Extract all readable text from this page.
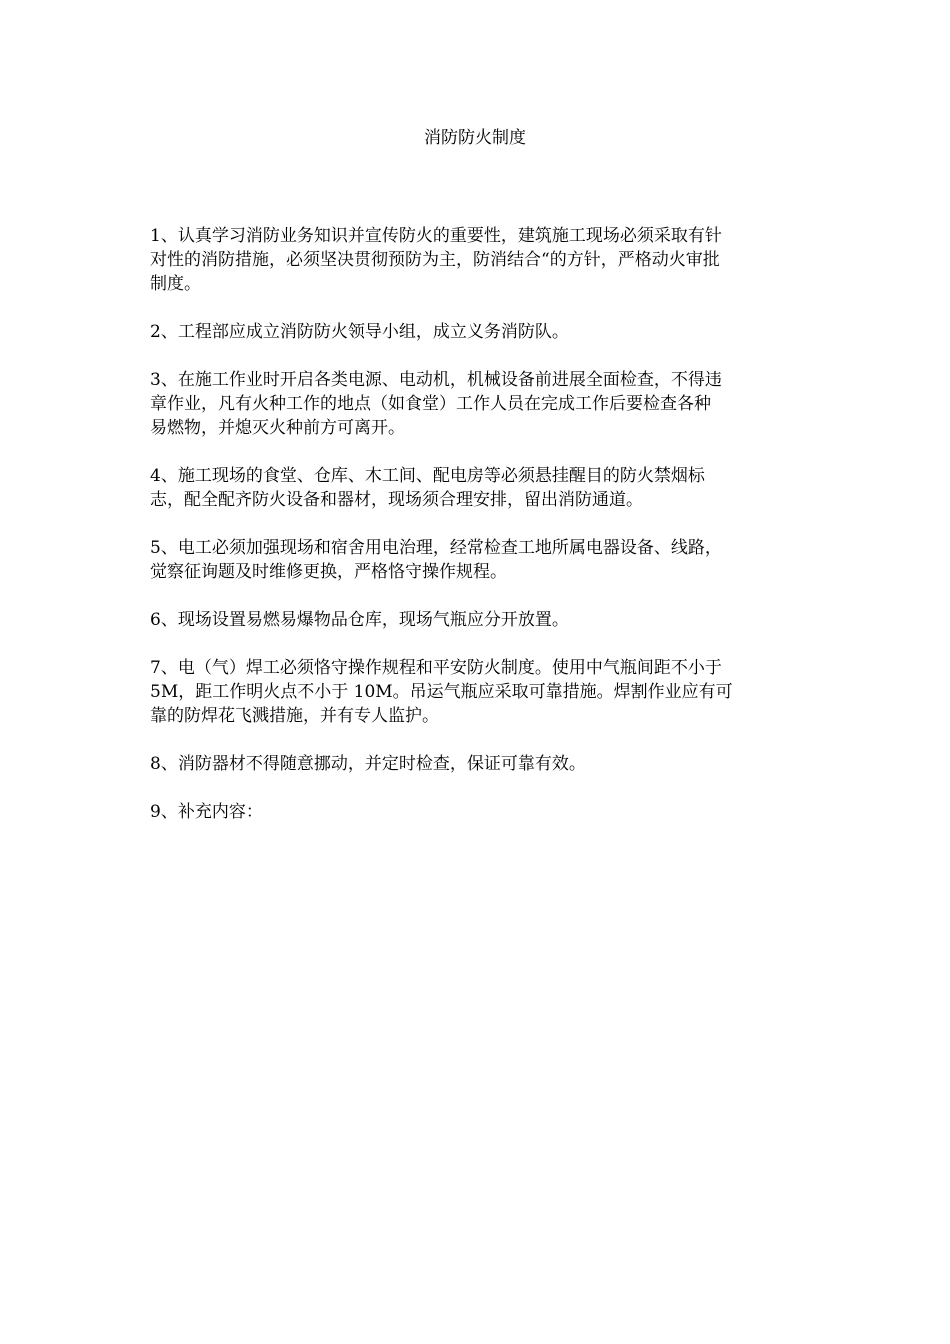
消防防火制度

1、认真学习消防业务知识并宣传防火的重要性，建筑施工现场必须采取有针
对性的消防措施，必须坚决贯彻预防为主，防消结合“的方针，严格动火审批
制度。

2、工程部应成立消防防火领导小组，成立义务消防队。

3、在施工作业时开启各类电源、电动机，机械设备前进展全面检查，不得违
章作业，凡有火种工作的地点（如食堂）工作人员在完成工作后要检查各种
易燃物，并熄灭火种前方可离开。

4、施工现场的食堂、仓库、木工间、配电房等必须悬挂醒目的防火禁烟标
志，配全配齐防火设备和器材，现场须合理安排，留出消防通道。

5、电工必须加强现场和宿舍用电治理，经常检查工地所属电器设备、线路，
觉察征询题及时维修更换，严格恪守操作规程。

6、现场设置易燃易爆物品仓库，现场气瓶应分开放置。

7、电（气）焊工必须恪守操作规程和平安防火制度。使用中气瓶间距不小于
5M，距工作明火点不小于 10M。吊运气瓶应采取可靠措施。焊割作业应有可
靠的防焊花飞溅措施，并有专人监护。

8、消防器材不得随意挪动，并定时检查，保证可靠有效。

9、补充内容：
